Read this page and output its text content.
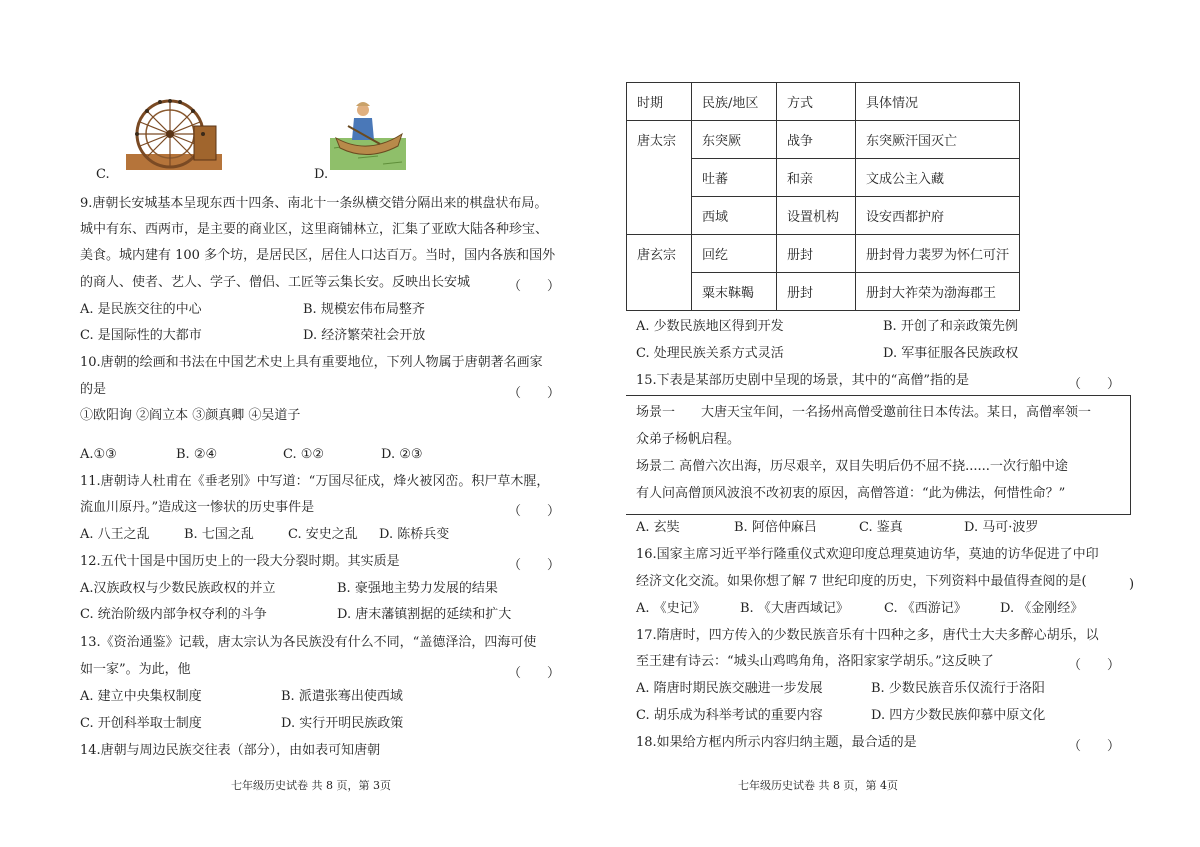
C.	D.
9.唐朝长安城基本呈现东西十四条、南北十一条纵横交错分隔出来的棋盘状布局。
城中有东、西两市，是主要的商业区，这里商铺林立，汇集了亚欧大陆各种珍宝、
美食。城内建有 100 多个坊，是居民区，居住人口达百万。当时，国内各族和国外
的商人、使者、艺人、学子、僧侣、工匠等云集长安。反映出长安城	（　　）
A. 是民族交往的中心	B. 规模宏伟布局整齐
C. 是国际性的大都市	D. 经济繁荣社会开放
10.唐朝的绘画和书法在中国艺术史上具有重要地位，下列人物属于唐朝著名画家
的是	（　　）
①欧阳询 ②阎立本 ③颜真卿 ④吴道子
A.①③	B. ②④	C. ①②	D. ②③
11.唐朝诗人杜甫在《垂老别》中写道：“万国尽征戍，烽火被冈峦。积尸草木腥，
流血川原丹。”造成这一惨状的历史事件是	（　　）
A. 八王之乱	B. 七国之乱	C. 安史之乱 D. 陈桥兵变
12.五代十国是中国历史上的一段大分裂时期。其实质是	（　　）
A.汉族政权与少数民族政权的并立	B. 豪强地主势力发展的结果
C. 统治阶级内部争权夺利的斗争	D. 唐末藩镇割据的延续和扩大
13.《资治通鉴》记载，唐太宗认为各民族没有什么不同，“盖德泽洽，四海可使
如一家”。为此，他	（　　）
A. 建立中央集权制度	B. 派遣张骞出使西域
C. 开创科举取士制度	D. 实行开明民族政策
14.唐朝与周边民族交往表（部分），由如表可知唐朝
七年级历史试卷 共 8 页，第 3页
时期	民族/地区	方式	具体情况
唐太宗	东突厥	战争	东突厥汗国灭亡
	吐蕃	和亲	文成公主入藏
	西域	设置机构	设安西都护府
唐玄宗	回纥	册封	册封骨力裴罗为怀仁可汗
	粟末靺鞨	册封	册封大祚荣为渤海郡王
A. 少数民族地区得到开发	B. 开创了和亲政策先例
C. 处理民族关系方式灵活	D. 军事征服各民族政权
15.下表是某部历史剧中呈现的场景，其中的“高僧”指的是	（　　）
场景一　　大唐天宝年间，一名扬州高僧受邀前往日本传法。某日，高僧率领一
众弟子杨帆启程。
场景二 高僧六次出海，历尽艰辛，双目失明后仍不屈不挠......一次行船中途
有人问高僧顶风波浪不改初衷的原因，高僧答道：“此为佛法，何惜性命？”
A. 玄奘	B. 阿倍仲麻吕	C. 鉴真	D. 马可·波罗
16.国家主席习近平举行隆重仪式欢迎印度总理莫迪访华，莫迪的访华促进了中印
经济文化交流。如果你想了解 7 世纪印度的历史，下列资料中最值得查阅的是( 　)
A. 《史记》	B. 《大唐西域记》	C. 《西游记》	D. 《金刚经》
17.隋唐时，四方传入的少数民族音乐有十四种之多，唐代士大夫多醉心胡乐，以
至王建有诗云：“城头山鸡鸣角角，洛阳家家学胡乐。”这反映了	（　　）
A. 隋唐时期民族交融进一步发展	B. 少数民族音乐仅流行于洛阳
C. 胡乐成为科举考试的重要内容	D. 四方少数民族仰慕中原文化
18.如果给方框内所示内容归纳主题，最合适的是	（　　）
七年级历史试卷 共 8 页，第 4页
